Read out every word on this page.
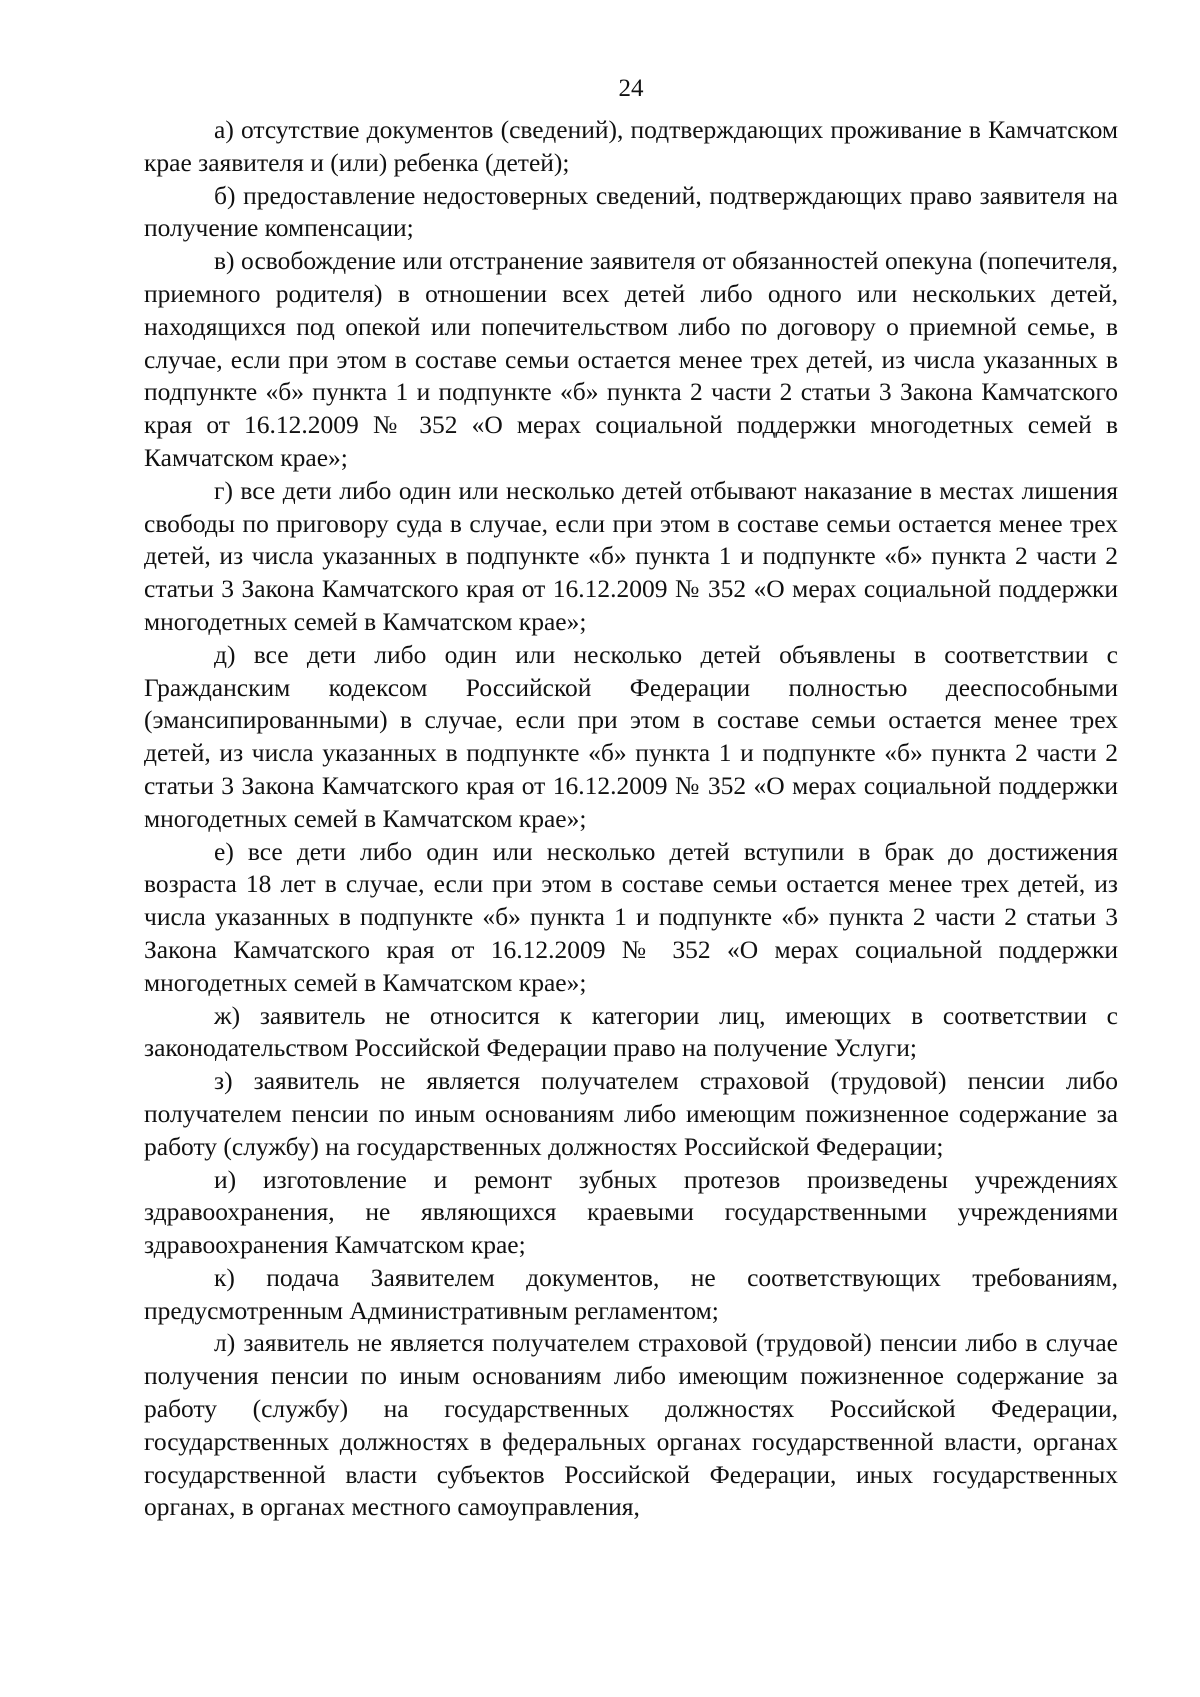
24

а) отсутствие документов (сведений), подтверждающих проживание в Камчатском крае заявителя и (или) ребенка (детей);

б) предоставление недостоверных сведений, подтверждающих право заявителя на получение компенсации;

в) освобождение или отстранение заявителя от обязанностей опекуна (попечителя, приемного родителя) в отношении всех детей либо одного или нескольких детей, находящихся под опекой или попечительством либо по договору о приемной семье, в случае, если при этом в составе семьи остается менее трех детей, из числа указанных в подпункте «б» пункта 1 и подпункте «б» пункта 2 части 2 статьи 3 Закона Камчатского края от 16.12.2009 № 352 «О мерах социальной поддержки многодетных семей в Камчатском крае»;

г) все дети либо один или несколько детей отбывают наказание в местах лишения свободы по приговору суда в случае, если при этом в составе семьи остается менее трех детей, из числа указанных в подпункте «б» пункта 1 и подпункте «б» пункта 2 части 2 статьи 3 Закона Камчатского края от 16.12.2009 № 352 «О мерах социальной поддержки многодетных семей в Камчатском крае»;

д) все дети либо один или несколько детей объявлены в соответствии с Гражданским кодексом Российской Федерации полностью дееспособными (эмансипированными) в случае, если при этом в составе семьи остается менее трех детей, из числа указанных в подпункте «б» пункта 1 и подпункте «б» пункта 2 части 2 статьи 3 Закона Камчатского края от 16.12.2009 № 352 «О мерах социальной поддержки многодетных семей в Камчатском крае»;

е) все дети либо один или несколько детей вступили в брак до достижения возраста 18 лет в случае, если при этом в составе семьи остается менее трех детей, из числа указанных в подпункте «б» пункта 1 и подпункте «б» пункта 2 части 2 статьи 3 Закона Камчатского края от 16.12.2009 № 352 «О мерах социальной поддержки многодетных семей в Камчатском крае»;

ж) заявитель не относится к категории лиц, имеющих в соответствии с законодательством Российской Федерации право на получение Услуги;

з) заявитель не является получателем страховой (трудовой) пенсии либо получателем пенсии по иным основаниям либо имеющим пожизненное содержание за работу (службу) на государственных должностях Российской Федерации;

и) изготовление и ремонт зубных протезов произведены учреждениях здравоохранения, не являющихся краевыми государственными учреждениями здравоохранения Камчатском крае;

к) подача Заявителем документов, не соответствующих требованиям, предусмотренным Административным регламентом;

л) заявитель не является получателем страховой (трудовой) пенсии либо в случае получения пенсии по иным основаниям либо имеющим пожизненное содержание за работу (службу) на государственных должностях Российской Федерации, государственных должностях в федеральных органах государственной власти, органах государственной власти субъектов Российской Федерации, иных государственных органах, в органах местного самоуправления,
